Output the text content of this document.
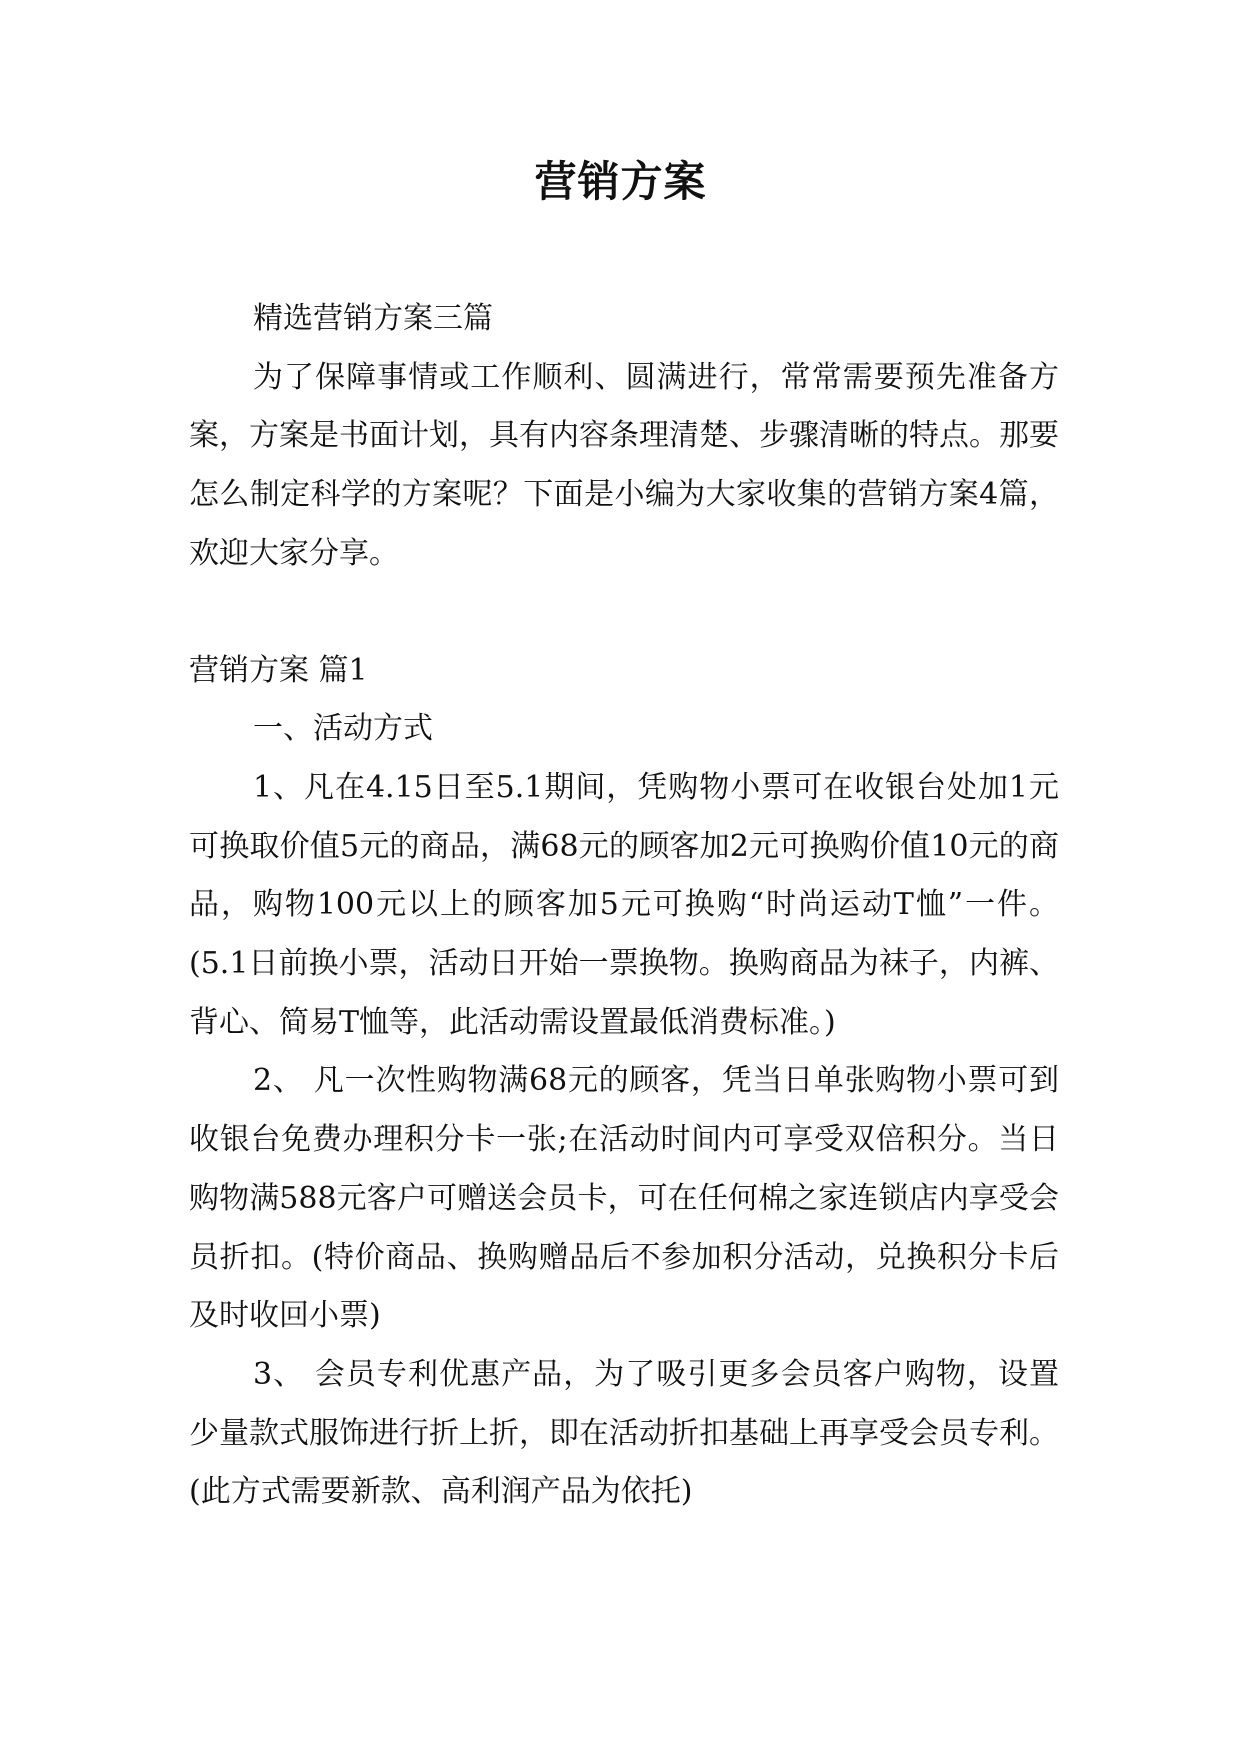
营销方案

精选营销方案三篇

为了保障事情或工作顺利、圆满进行，常常需要预先准备方案，方案是书面计划，具有内容条理清楚、步骤清晰的特点。那要怎么制定科学的方案呢？下面是小编为大家收集的营销方案4篇，欢迎大家分享。

营销方案 篇1

一、活动方式

1、凡在4.15日至5.1期间，凭购物小票可在收银台处加1元可换取价值5元的商品，满68元的顾客加2元可换购价值10元的商品，购物100元以上的顾客加5元可换购“时尚运动T恤”一件。(5.1日前换小票，活动日开始一票换物。换购商品为袜子，内裤、背心、简易T恤等，此活动需设置最低消费标准。)

2、 凡一次性购物满68元的顾客，凭当日单张购物小票可到收银台免费办理积分卡一张;在活动时间内可享受双倍积分。当日购物满588元客户可赠送会员卡，可在任何棉之家连锁店内享受会员折扣。(特价商品、换购赠品后不参加积分活动，兑换积分卡后及时收回小票)

3、 会员专利优惠产品，为了吸引更多会员客户购物，设置少量款式服饰进行折上折，即在活动折扣基础上再享受会员专利。(此方式需要新款、高利润产品为依托)
